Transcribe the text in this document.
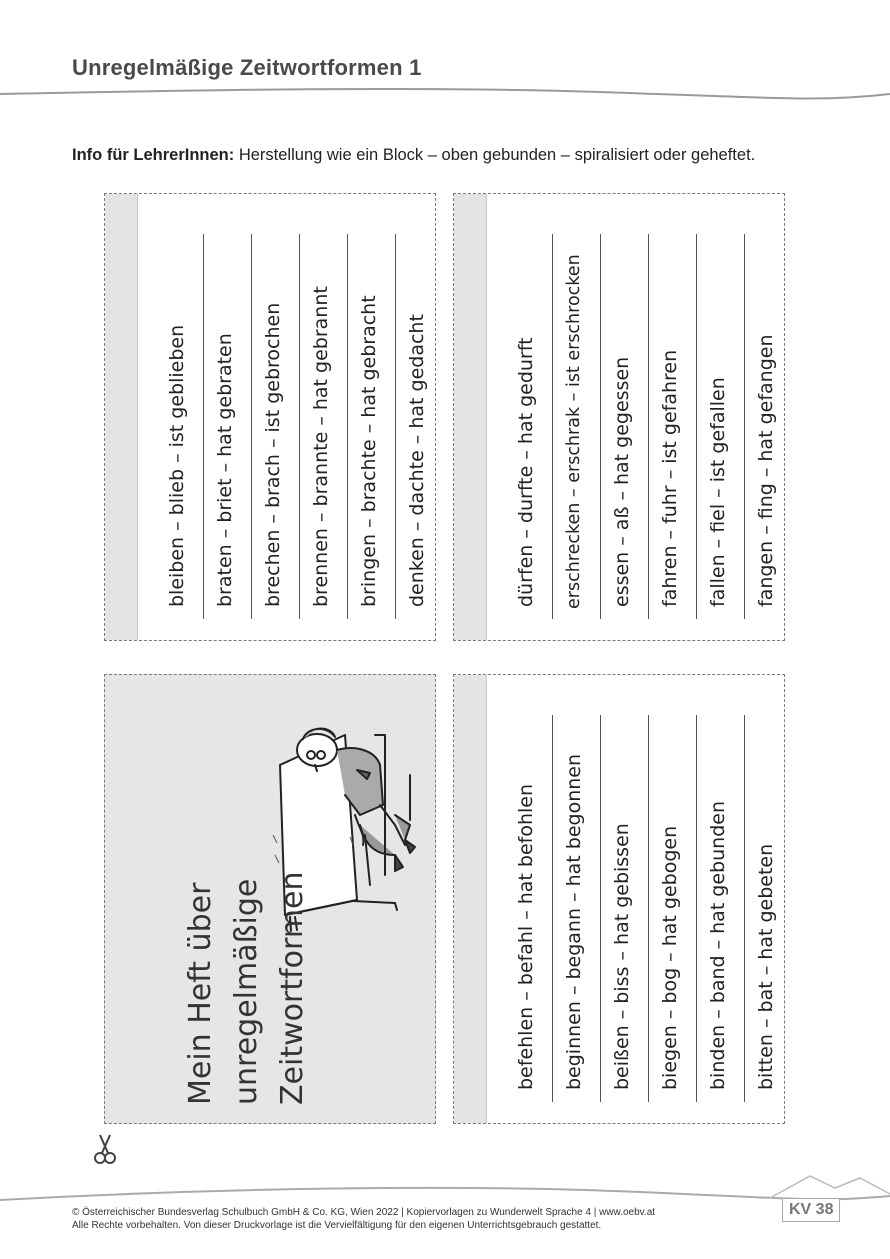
Unregelmäßige Zeitwortformen 1
Info für LehrerInnen: Herstellung wie ein Block – oben gebunden – spiralisiert oder geheftet.
bleiben – blieb – ist geblieben braten – briet – hat gebraten brechen – brach – ist gebrochen brennen – brannte – hat gebrannt bringen – brachte – hat gebracht denken – dachte – hat gedacht	dürfen – durfte – hat gedurft erschrecken – erschrak – ist erschrocken essen – aß – hat gegessen fahren – fuhr – ist gefahren fallen – fiel – ist gefallen fangen – fing – hat gefangen
Mein Heft über unregelmäßige Zeitwortformen	befehlen – befahl – hat befohlen beginnen – begann – hat begonnen beißen – biss – hat gebissen biegen – bog – hat gebogen binden – band – hat gebunden bitten – bat – hat gebeten
© Österreichischer Bundesverlag Schulbuch GmbH & Co. KG, Wien 2022 | Kopiervorlagen zu Wunderwelt Sprache 4 | www.oebv.at
Alle Rechte vorbehalten. Von dieser Druckvorlage ist die Vervielfältigung für den eigenen Unterrichtsgebrauch gestattet.
KV 38
